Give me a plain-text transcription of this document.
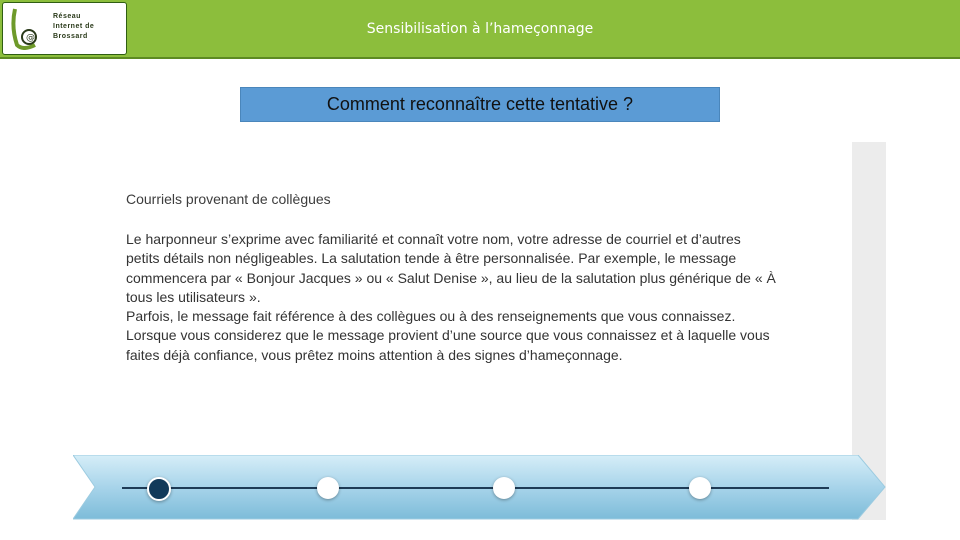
@
Réseau
Internet de
Brossard	Sensibilisation à l’hameçonnage
Comment reconnaître cette tentative ?
Courriels provenant de collègues

Le harponneur s’exprime avec familiarité et connaît votre nom, votre adresse de courriel et d’autres petits détails non négligeables. La salutation tende à être personnalisée. Par exemple, le message commencera par « Bonjour Jacques » ou « Salut Denise », au lieu de la salutation plus générique de « À tous les utilisateurs ».

Parfois, le message fait référence à des collègues ou à des renseignements que vous connaissez. Lorsque vous considerez que le message provient d’une source que vous connaissez et à laquelle vous faites déjà confiance, vous prêtez moins attention à des signes d’hameçonnage.
